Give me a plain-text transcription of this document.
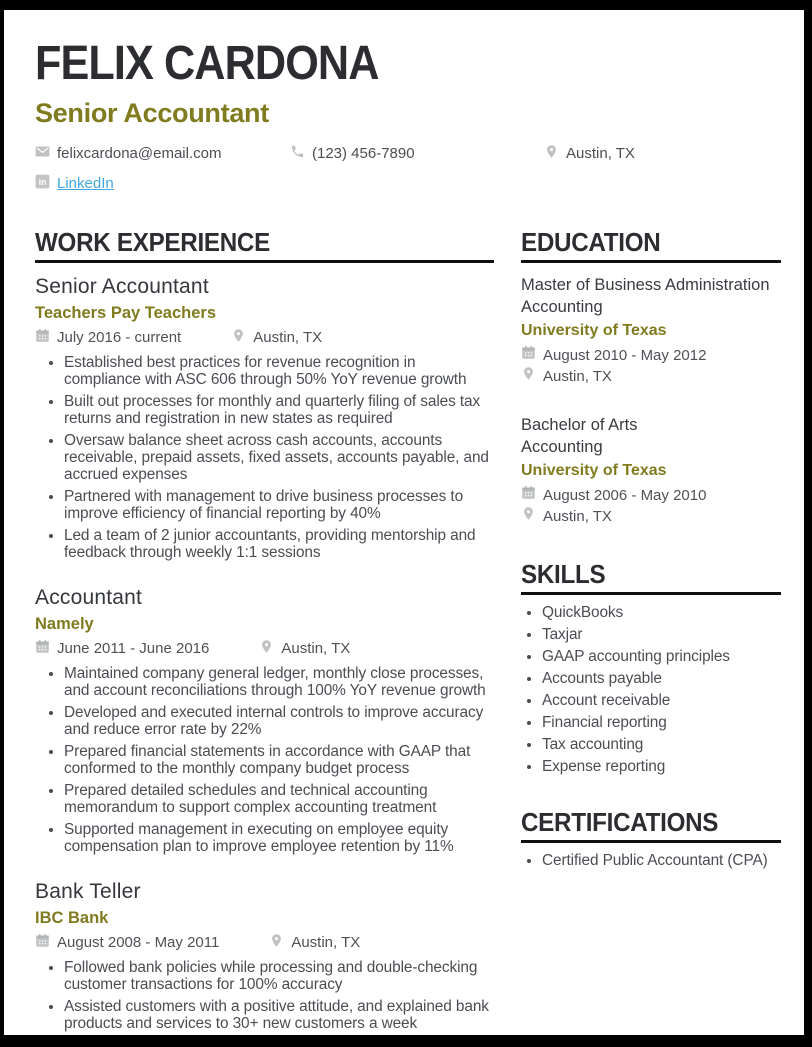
FELIX CARDONA
Senior Accountant
felixcardona@email.com	(123) 456-7890	Austin, TX
LinkedIn
WORK EXPERIENCE
Senior Accountant
Teachers Pay Teachers
July 2016 - current	Austin, TX
• Established best practices for revenue recognition in compliance with ASC 606 through 50% YoY revenue growth
• Built out processes for monthly and quarterly filing of sales tax returns and registration in new states as required
• Oversaw balance sheet across cash accounts, accounts receivable, prepaid assets, fixed assets, accounts payable, and accrued expenses
• Partnered with management to drive business processes to improve efficiency of financial reporting by 40%
• Led a team of 2 junior accountants, providing mentorship and feedback through weekly 1:1 sessions
Accountant
Namely
June 2011 - June 2016	Austin, TX
• Maintained company general ledger, monthly close processes, and account reconciliations through 100% YoY revenue growth
• Developed and executed internal controls to improve accuracy and reduce error rate by 22%
• Prepared financial statements in accordance with GAAP that conformed to the monthly company budget process
• Prepared detailed schedules and technical accounting memorandum to support complex accounting treatment
• Supported management in executing on employee equity compensation plan to improve employee retention by 11%
Bank Teller
IBC Bank
August 2008 - May 2011	Austin, TX
• Followed bank policies while processing and double-checking customer transactions for 100% accuracy
• Assisted customers with a positive attitude, and explained bank products and services to 30+ new customers a week
EDUCATION
Master of Business Administration
Accounting
University of Texas
August 2010 - May 2012
Austin, TX
Bachelor of Arts
Accounting
University of Texas
August 2006 - May 2010
Austin, TX
SKILLS
• QuickBooks
• Taxjar
• GAAP accounting principles
• Accounts payable
• Account receivable
• Financial reporting
• Tax accounting
• Expense reporting
CERTIFICATIONS
• Certified Public Accountant (CPA)
